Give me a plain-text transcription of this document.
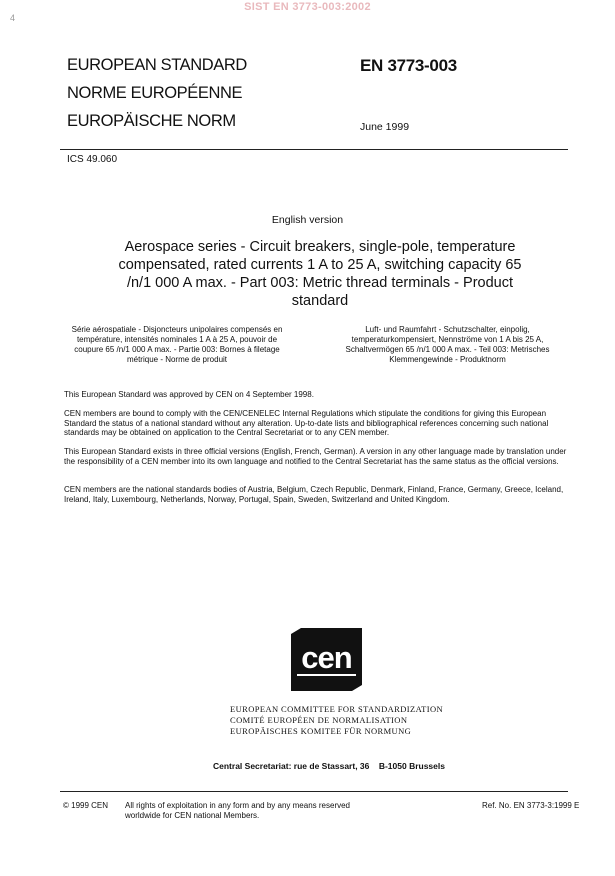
SIST EN 3773-003:2002
4
EUROPEAN STANDARD
NORME EUROPÉENNE
EUROPÄISCHE NORM
EN 3773-003
June 1999
ICS 49.060
English version
Aerospace series - Circuit breakers, single-pole, temperature
compensated, rated currents 1 A to 25 A, switching capacity 65
/n/1 000 A max. - Part 003: Metric thread terminals - Product
standard
Série aérospatiale - Disjoncteurs unipolaires compensés en
température, intensités nominales 1 A à 25 A, pouvoir de
coupure 65 /n/1 000 A max. - Partie 003: Bornes à filetage
métrique - Norme de produit
Luft- und Raumfahrt - Schutzschalter, einpolig,
temperaturkompensiert, Nennströme von 1 A bis 25 A,
Schaltvermögen 65 /n/1 000 A max. - Teil 003: Metrisches
Klemmengewinde - Produktnorm

This European Standard was approved by CEN on 4 September 1998.

CEN members are bound to comply with the CEN/CENELEC Internal Regulations which stipulate the conditions for giving this European Standard the status of a national standard without any alteration. Up-to-date lists and bibliographical references concerning such national standards may be obtained on application to the Central Secretariat or to any CEN member.

This European Standard exists in three official versions (English, French, German). A version in any other language made by translation under the responsibility of a CEN member into its own language and notified to the Central Secretariat has the same status as the official versions.

CEN members are the national standards bodies of Austria, Belgium, Czech Republic, Denmark, Finland, France, Germany, Greece, Iceland, Ireland, Italy, Luxembourg, Netherlands, Norway, Portugal, Spain, Sweden, Switzerland and United Kingdom.

cen
EUROPEAN COMMITTEE FOR STANDARDIZATION
COMITÉ EUROPÉEN DE NORMALISATION
EUROPÄISCHES KOMITEE FÜR NORMUNG
Central Secretariat: rue de Stassart, 36    B-1050 Brussels
© 1999 CEN All rights of exploitation in any form and by any means reserved
worldwide for CEN national Members.
Ref. No. EN 3773-3:1999 E
